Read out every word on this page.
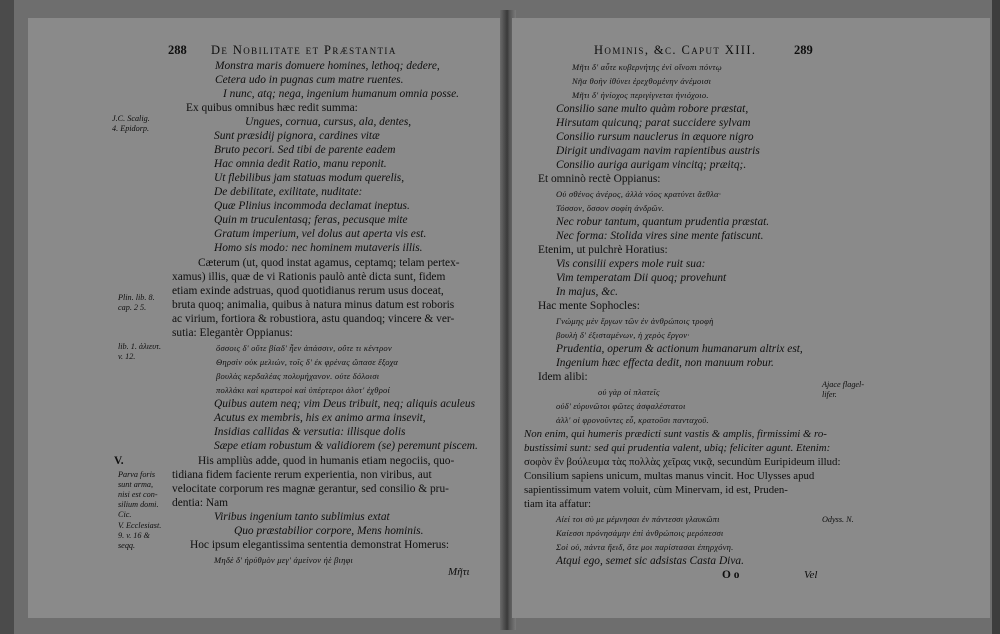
288 De Nobilitate et Præstantia
Monstra maris domuere homines, lethoq; dedere,
Cetera udo in pugnas cum matre ruentes.
I nunc, atq; nega, ingenium humanum omnia posse.
Ex quibus omnibus hæc redit summa:
Ungues, cornua, cursus, ala, dentes,
Sunt præsidij pignora, cardines vitæ
Bruto pecori. Sed tibi de parente eadem
Hac omnia dedit Ratio, manu reponit.
Ut flebilibus jam statuas modum querelis,
De debilitate, exilitate, nuditate:
Quæ Plinius incommoda declamat ineptus.
Quin m truculentasq; feras, pecusque mite
Gratum imperium, vel dolus aut aperta vis est.
Homo sis modo: nec hominem mutaveris illis.
Cæterum (ut, quod instat agamus, ceptamq; telam pertex-
xamus) illis, quæ de vi Rationis paulò antè dicta sunt, fidem
etiam exinde adstruas, quod quotidianus rerum usus doceat,
bruta quoq; animalia, quibus à natura minus datum est roboris
ac virium, fortiora & robustiora, astu quandoq; vincere & ver-
sutia: Elegantèr Oppianus:
ὅσσοις δ' οὔτε βίαδ' ἦεν ἀπάσσιν, οὔτε τι κέντρον
Θηρσὶν οὐκ μελιών, τοῖς δ' ἐκ φρένας ὤπασε ἔξοχα
βουλὰς κερδαλέας πολυμήχανον. οὐτε δόλοισι
πολλάκι καὶ κρατεροὶ καὶ ὑπέρτεροι ἀλοτ' ἐχθροί
Quibus autem neq; vim Deus tribuit, neq; aliquis aculeus
Acutus ex membris, his ex animo arma insevit,
Insidias callidas & versutia: illisque dolis
Sæpe etiam robustum & validiorem (se) peremunt piscem.
His ampliùs adde, quod in humanis etiam negociis, quo-
tidiana fidem faciente rerum experientia, non viribus, aut
velocitate corporum res magnæ gerantur, sed consilio & pru-
dentia: Nam
Viribus ingenium tanto sublimius extat
Quo præstabilior corpore, Mens hominis.
Hoc ipsum elegantissima sententia demonstrat Homerus:
Μηδὲ δ' ἠρύθμὸν μεγ' ἀμείνον ἠὲ βιηφι
Μῆτι
J.C. Scalig.
4. Epidorp.
Plin. lib. 8.
cap. 2 5.
lib. 1. ἀλιευτ.
v. 12.
V.
Parva foris
sunt arma,
nisi est con-
silium domi.
Cic.
V. Ecclesiast.
9. v. 16 &
seqq.
Hominis, &c. Caput XIII.	289
Μῆτι δ' αὖτε κυβερνήτης ἐνὶ οἴνοπι πόντῳ
Νῆα θοὴν ἰθύνει ἐρεχθομένην ἀνέμοισι
Μῆτι δ' ἡνίοχος περιγίγνεται ἡνιόχοιο.
Consilio sane multo quàm robore præstat,
Hirsutam quicunq; parat succidere sylvam
Consilio rursum nauclerus in æquore nigro
Dirigit undivagam navim rapientibus austris
Consilio auriga aurigam vincitq; præitq;.
Et omninò rectè Oppianus:
Οὐ σθένος ἀνέρος, ἀλλὰ νόος κρατύνει ἄεθλα·
Τόσσον, ὅσσον σοφίη ἀνδρῶν.
Nec robur tantum, quantum prudentia præstat.
Nec forma: Stolida vires sine mente fatiscunt.
Etenim, ut pulchrè Horatius:
Vis consilii expers mole ruit sua:
Vim temperatam Dii quoq; provehunt
In majus, &c.
Hac mente Sophocles:
Γνώμης μὲν ἔργων τῶν ἐν ἀνθρώποις τροφὴ
βουλὴ δ' ἐξισταμένων, ἡ χερὸς ἔργον·
Prudentia, operum & actionum humanarum altrix est,
Ingenium hæc effecta dedit, non manuum robur.
Idem alibi:
οὐ γὰρ οἱ πλατεῖς
οὐδ' εὐρυνῶτοι φῶτες ἀσφαλέστατοι
ἀλλ' οἱ φρονοῦντες εὖ, κρατοῦσι πανταχοῦ.
Non enim, qui humeris prædicti sunt vastis & amplis, firmissimi & ro-
bustissimi sunt: sed qui prudentia valent, ubiq; feliciter agunt. Etenim:
σοφὸν ἓν βούλευμα τὰς πολλὰς χεῖρας νικᾷ, secundùm Euripideum illud:
Consilium sapiens unicum, multas manus vincit. Hoc Ulysses apud
sapientissimum vatem voluit, cùm Minervam, id est, Pruden-
tiam ita affatur:
Αἰεί τοι σὺ με μέμνησαι ἐν πάντεσσι γλαυκῶπι
Καίεσσι πρόνησάμην ἐπὶ ἀνθρώποις μερόπεσσι
Σοὶ οὐ, πάντα ἤειδ, ὅτε μοι παρίστασαι ἐπηρχόνη.
Atqui ego, semet sic adsistas Casta Diva.
O o	Vel
Ajace flagel-
lifer.
Odyss. N.
